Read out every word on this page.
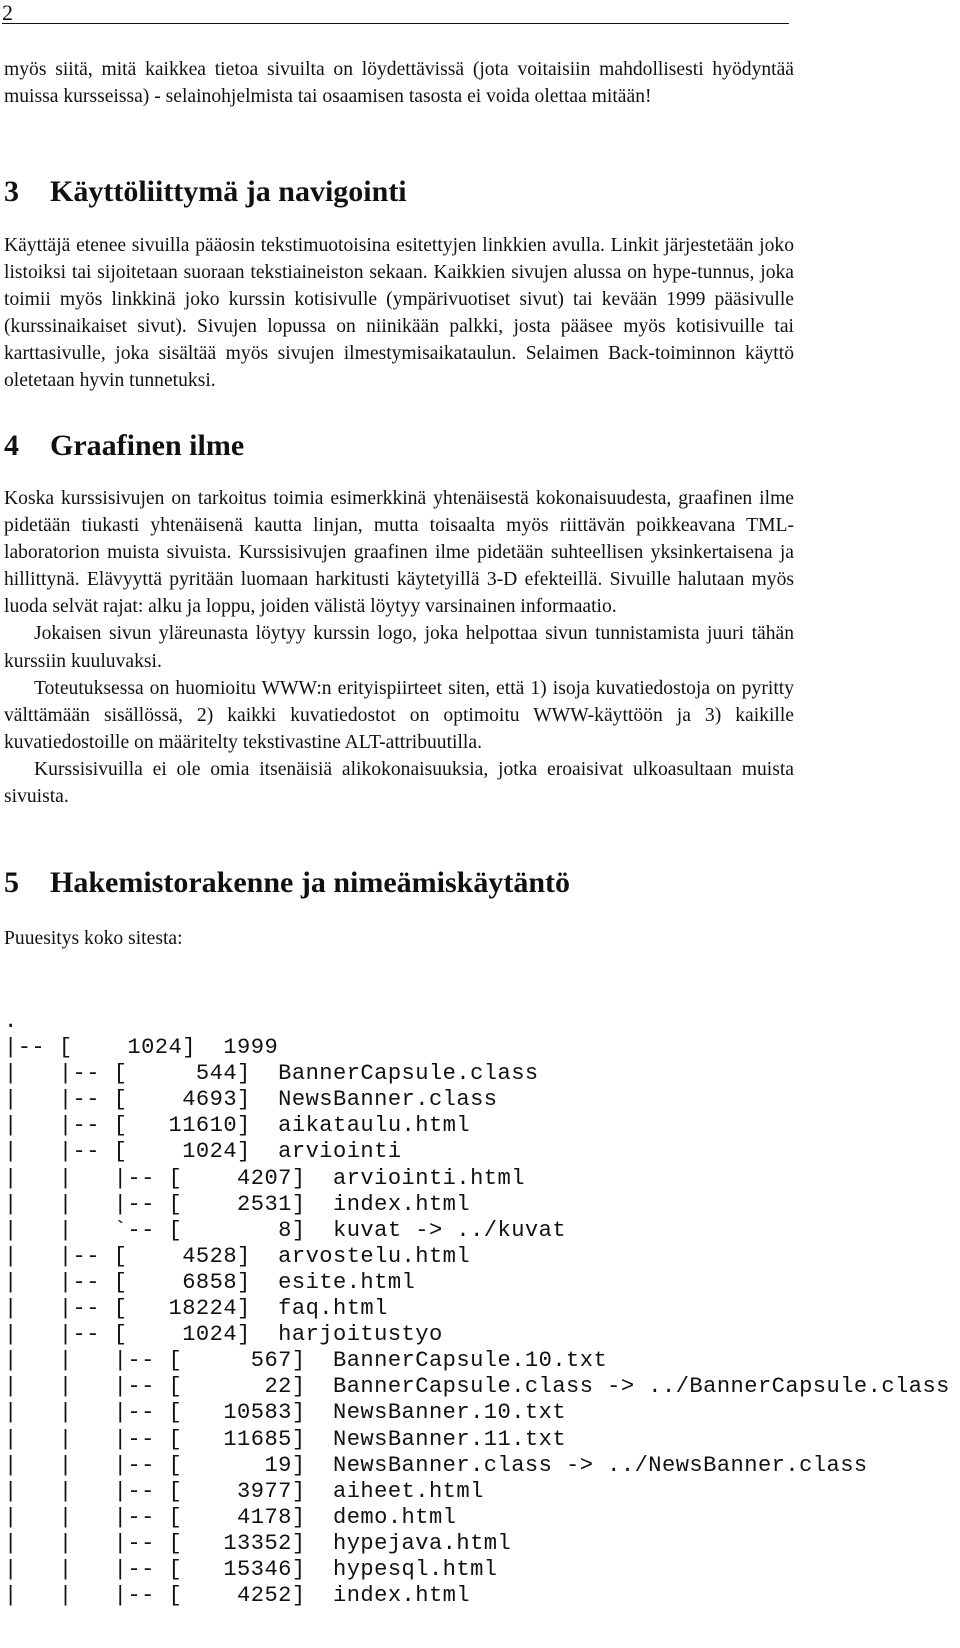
2

myös siitä, mitä kaikkea tietoa sivuilta on löydettävissä (jota voitaisiin mahdollisesti hyödyntää muissa kursseissa) - selainohjelmista tai osaamisen tasosta ei voida olettaa mitään!

3 Käyttöliittymä ja navigointi

Käyttäjä etenee sivuilla pääosin tekstimuotoisina esitettyjen linkkien avulla. Linkit järjestetään joko listoiksi tai sijoitetaan suoraan tekstiaineiston sekaan. Kaikkien sivujen alussa on hype-tunnus, joka toimii myös linkkinä joko kurssin kotisivulle (ympärivuotiset sivut) tai kevään 1999 pääsivulle (kurssinaikaiset sivut). Sivujen lopussa on niinikään palkki, josta pääsee myös kotisivuille tai karttasivulle, joka sisältää myös sivujen ilmestymisaikataulun. Selaimen Back-toiminnon käyttö oletetaan hyvin tunnetuksi.

4 Graafinen ilme

Koska kurssisivujen on tarkoitus toimia esimerkkinä yhtenäisestä kokonaisuudesta, graafinen ilme pidetään tiukasti yhtenäisenä kautta linjan, mutta toisaalta myös riittävän poikkeavana TML-laboratorion muista sivuista. Kurssisivujen graafinen ilme pidetään suhteellisen yksinkertaisena ja hillittynä. Elävyyttä pyritään luomaan harkitusti käytetyillä 3-D efekteillä. Sivuille halutaan myös luoda selvät rajat: alku ja loppu, joiden välistä löytyy varsinainen informaatio.

Jokaisen sivun yläreunasta löytyy kurssin logo, joka helpottaa sivun tunnistamista juuri tähän kurssiin kuuluvaksi.

Toteutuksessa on huomioitu WWW:n erityispiirteet siten, että 1) isoja kuvatiedostoja on pyritty välttämään sisällössä, 2) kaikki kuvatiedostot on optimoitu WWW-käyttöön ja 3) kaikille kuvatiedostoille on määritelty tekstivastine ALT-attribuutilla.

Kurssisivuilla ei ole omia itsenäisiä alikokonaisuuksia, jotka eroaisivat ulkoasultaan muista sivuista.

5 Hakemistorakenne ja nimeämiskäytäntö
Puuesitys koko sitesta:
.
|-- [    1024]  1999
|   |-- [     544]  BannerCapsule.class
|   |-- [    4693]  NewsBanner.class
|   |-- [   11610]  aikataulu.html
|   |-- [    1024]  arviointi
|   |   |-- [    4207]  arviointi.html
|   |   |-- [    2531]  index.html
|   |   `-- [       8]  kuvat -> ../kuvat
|   |-- [    4528]  arvostelu.html
|   |-- [    6858]  esite.html
|   |-- [   18224]  faq.html
|   |-- [    1024]  harjoitustyo
|   |   |-- [     567]  BannerCapsule.10.txt
|   |   |-- [      22]  BannerCapsule.class -> ../BannerCapsule.class
|   |   |-- [   10583]  NewsBanner.10.txt
|   |   |-- [   11685]  NewsBanner.11.txt
|   |   |-- [      19]  NewsBanner.class -> ../NewsBanner.class
|   |   |-- [    3977]  aiheet.html
|   |   |-- [    4178]  demo.html
|   |   |-- [   13352]  hypejava.html
|   |   |-- [   15346]  hypesql.html
|   |   |-- [    4252]  index.html
